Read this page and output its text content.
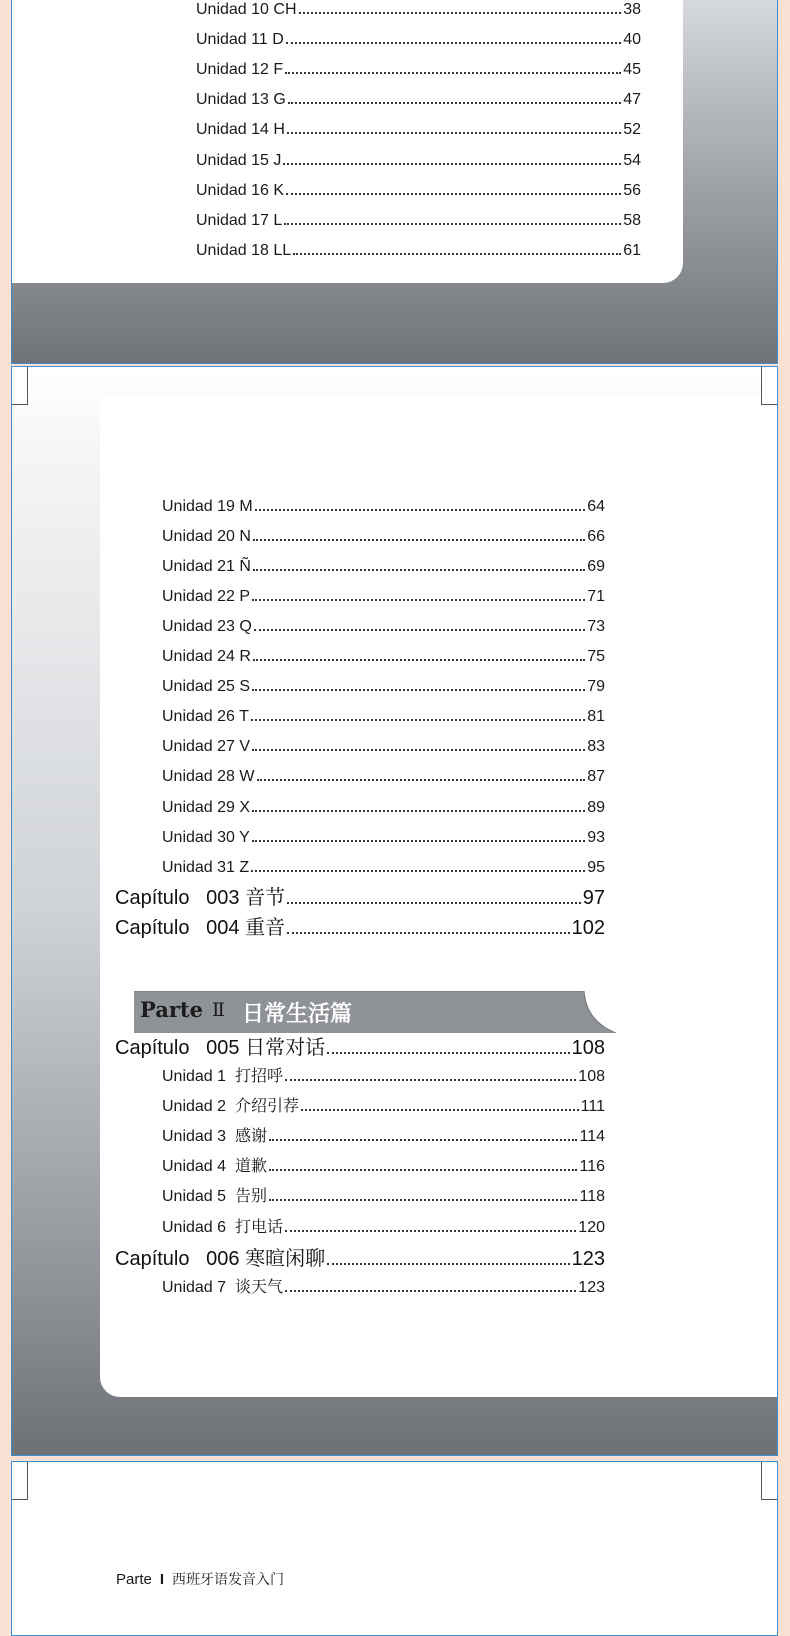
Unidad 10 CH	38
Unidad 11 D	40
Unidad 12 F	45
Unidad 13 G	47
Unidad 14 H	52
Unidad 15 J	54
Unidad 16 K	56
Unidad 17 L	58
Unidad 18 LL	61
Unidad 19 M	64
Unidad 20 N	66
Unidad 21 Ñ	69
Unidad 22 P	71
Unidad 23 Q	73
Unidad 24 R	75
Unidad 25 S	79
Unidad 26 T	81
Unidad 27 V	83
Unidad 28 W	87
Unidad 29 X	89
Unidad 30 Y	93
Unidad 31 Z	95
Capítulo   003 音节	97
Capítulo   004 重音	102
Parte Ⅱ 日常生活篇
Capítulo   005 日常对话	108
Unidad 1  打招呼	108
Unidad 2  介绍引荐	111
Unidad 3  感谢	114
Unidad 4  道歉	116
Unidad 5  告别	118
Unidad 6  打电话	120
Capítulo   006 寒暄闲聊	123
Unidad 7  谈天气	123
Parte I 西班牙语发音入门
